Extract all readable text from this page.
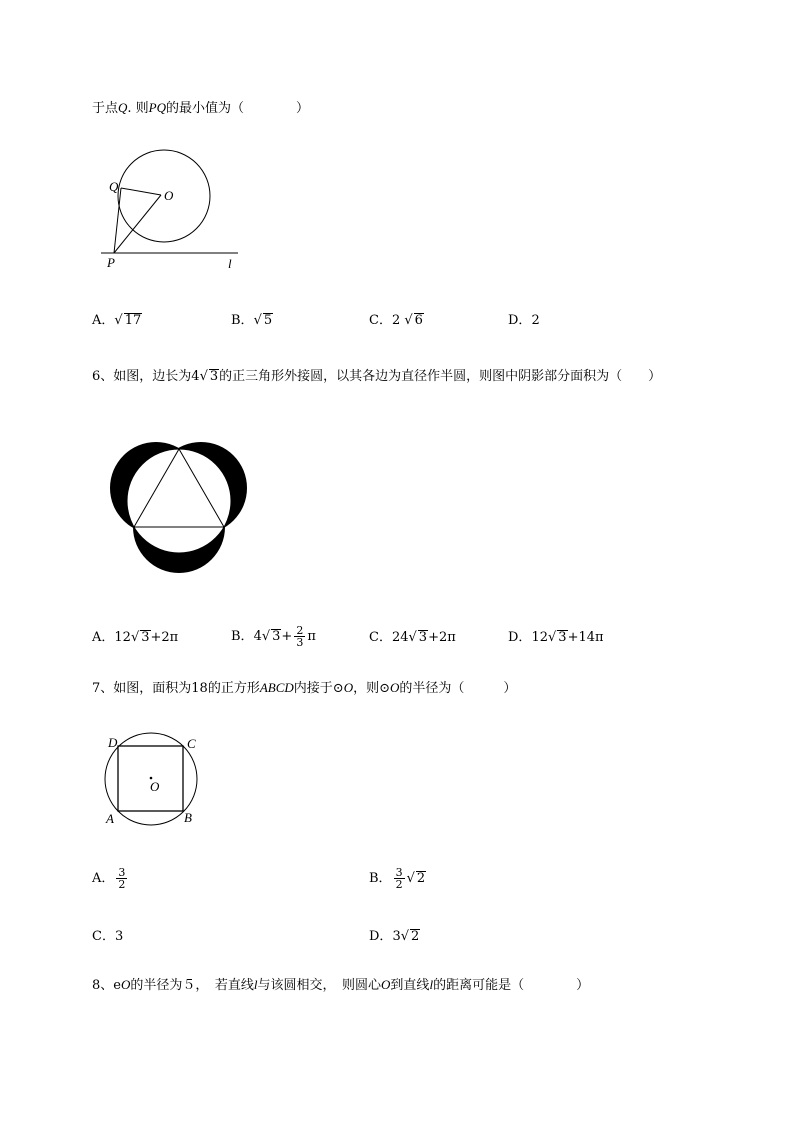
于点Q. 则PQ的最小值为（　　　　）
Q
O
P	l
A．√ 17	B．√ 5	C．2 √ 6	D．2
6、如图，边长为4√ 3的正三角形外接圆，以其各边为直径作半圆，则图中阴影部分面积为（　　）
A．12√ 3+2π	B．4√ $3+ \frac{2}{3}$ π	C．24√ 3+2π	D．12√ 3+14π
7、如图，面积为18的正方形ABCD内接于⊙O，则⊙O的半径为（　　　）
D	C
O
A	B
A． $\frac{3}{2}$	B． $\frac{3}{2}$ √ 2
C．3	D．3√ 2
8、eO的半径为５，　若直线l与该圆相交，　则圆心O到直线l的距离可能是（　　　　）
